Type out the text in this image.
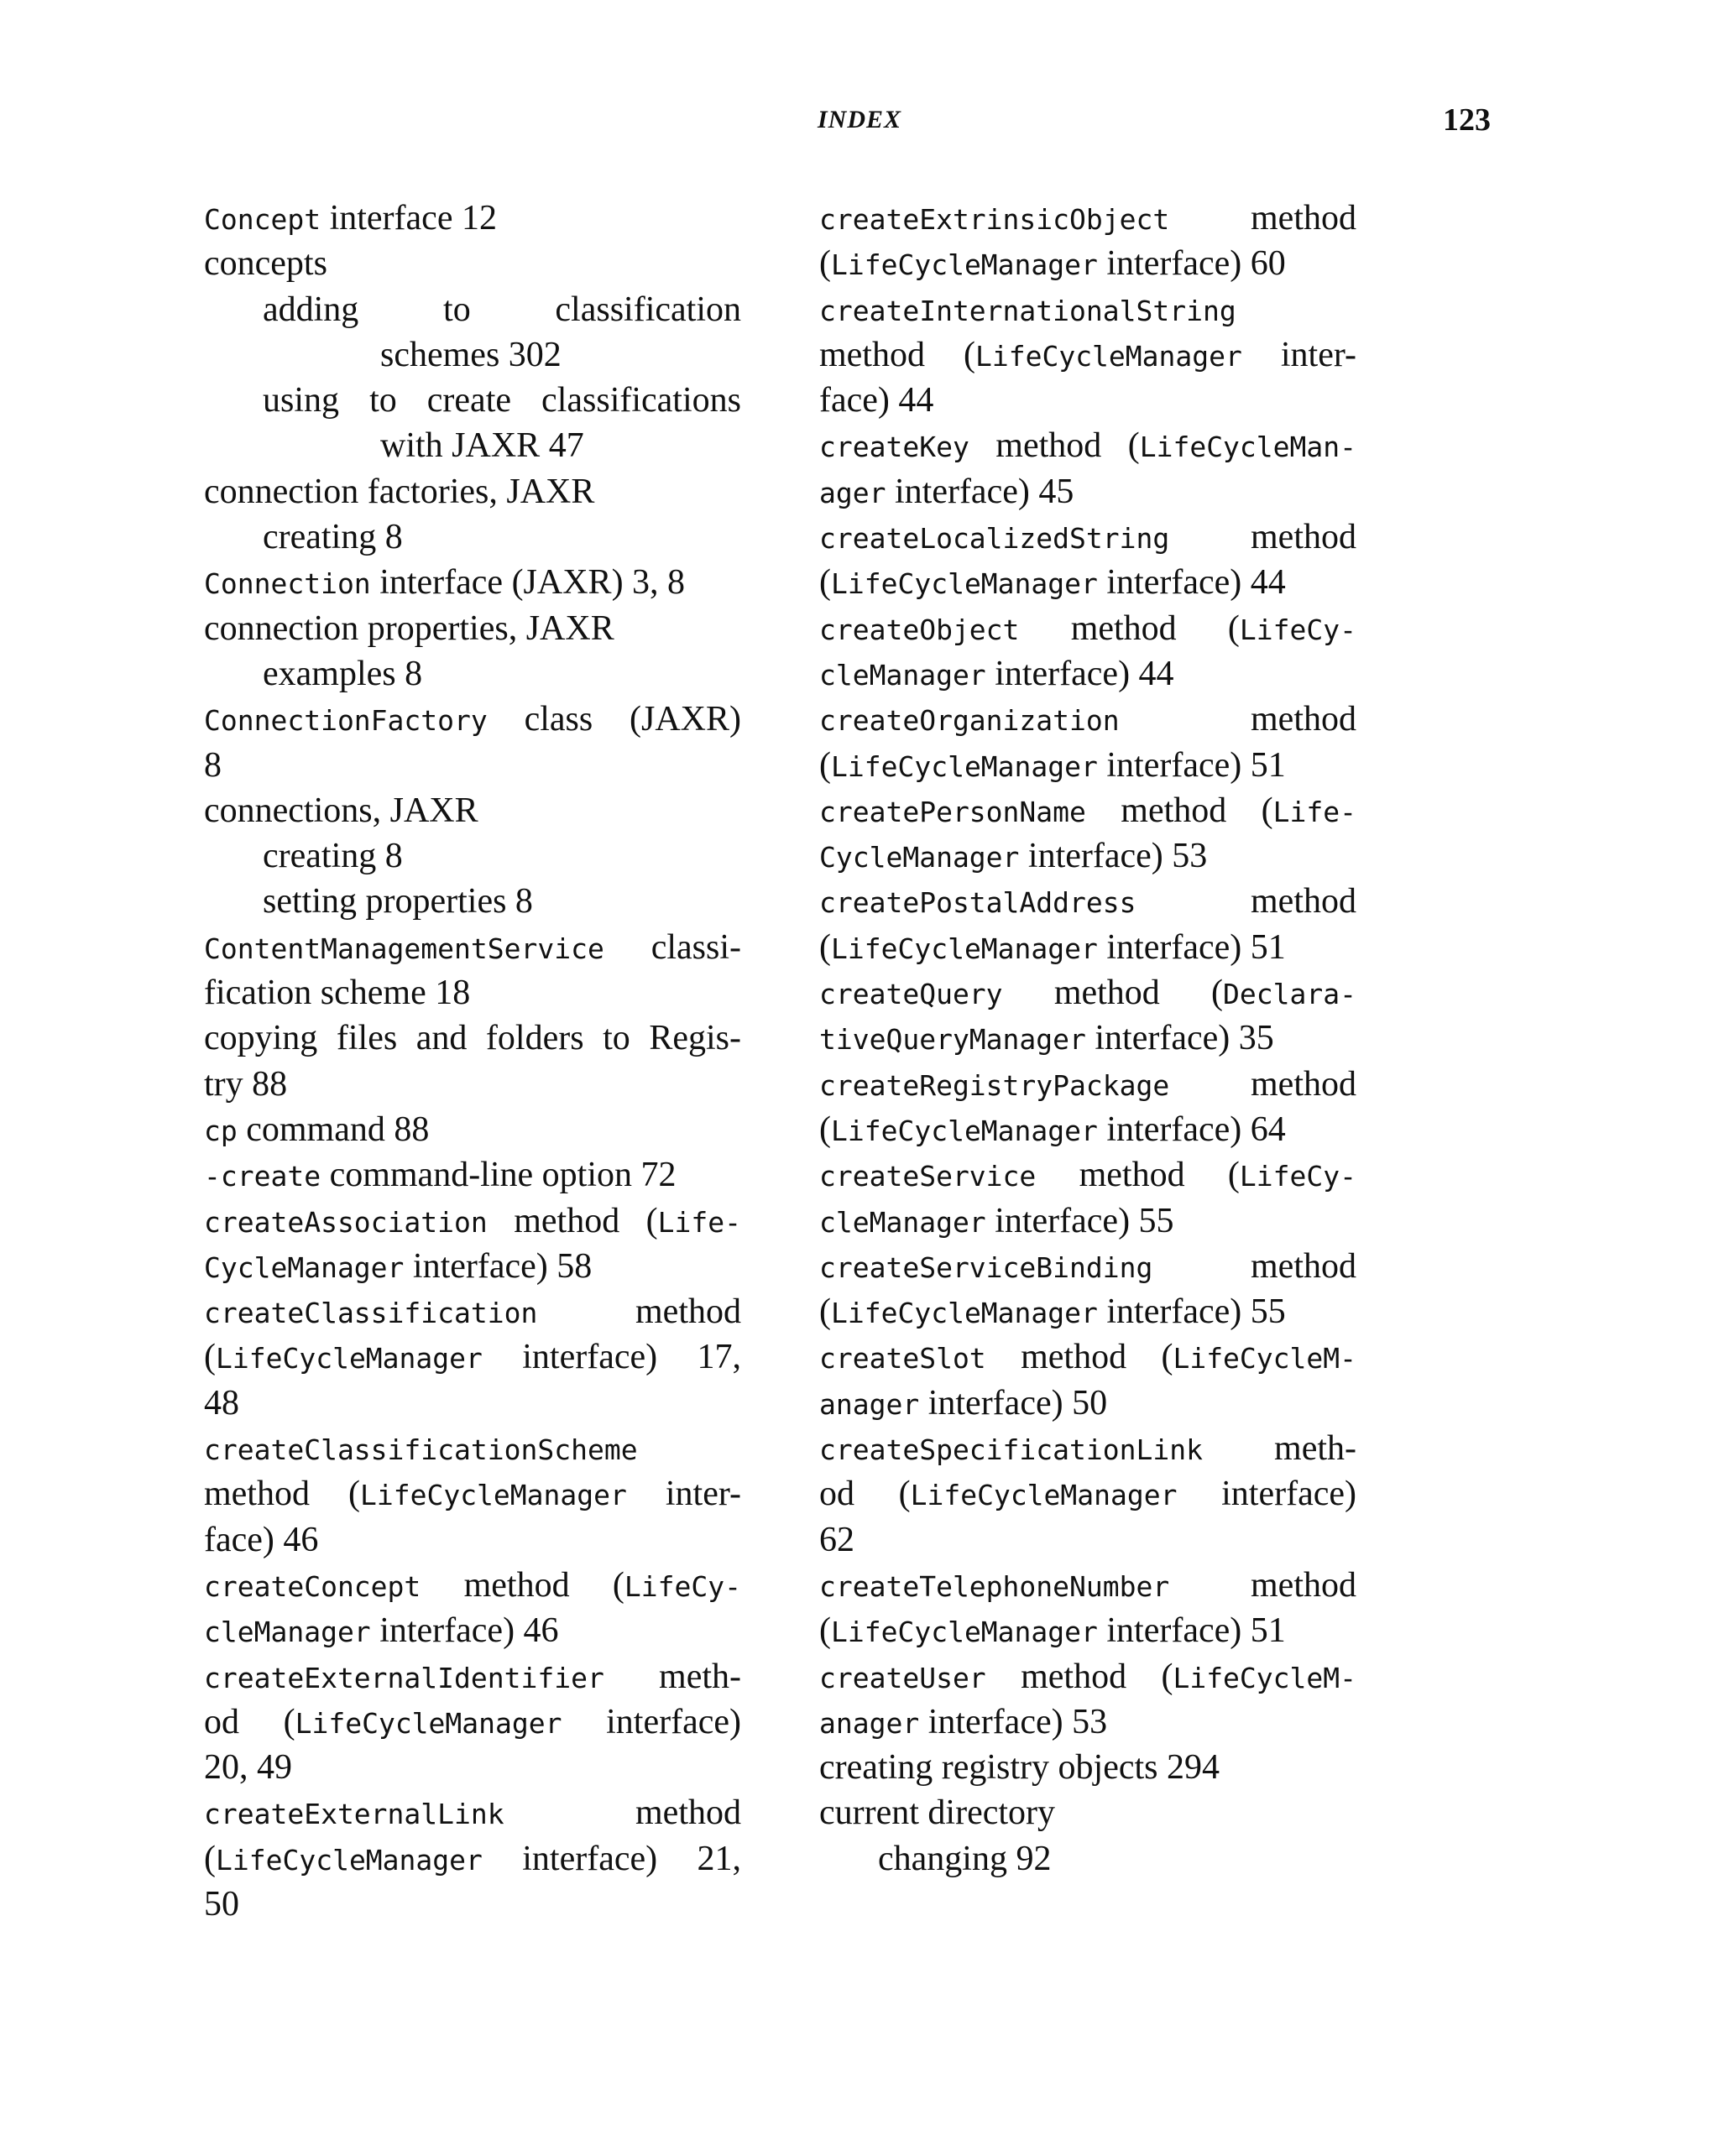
INDEX	123
Concept interface 12
concepts
adding to classification
schemes 302
using to create classifications
with JAXR 47
connection factories, JAXR
creating 8
Connection interface (JAXR) 3, 8
connection properties, JAXR
examples 8
ConnectionFactory class (JAXR)
8
connections, JAXR
creating 8
setting properties 8
ContentManagementService classi-
fication scheme 18
copying files and folders to Regis-
try 88
cp command 88
-create command-line option 72
createAssociation method (Life-
CycleManager interface) 58
createClassification method
(LifeCycleManager interface) 17,
48
createClassificationScheme
method (LifeCycleManager inter-
face) 46
createConcept method (LifeCy-
cleManager interface) 46
createExternalIdentifier meth-
od (LifeCycleManager interface)
20, 49
createExternalLink method
(LifeCycleManager interface) 21,
50
createExtrinsicObject method
(LifeCycleManager interface) 60
createInternationalString
method (LifeCycleManager inter-
face) 44
createKey method (LifeCycleMan-
ager interface) 45
createLocalizedString method
(LifeCycleManager interface) 44
createObject method (LifeCy-
cleManager interface) 44
createOrganization method
(LifeCycleManager interface) 51
createPersonName method (Life-
CycleManager interface) 53
createPostalAddress method
(LifeCycleManager interface) 51
createQuery method (Declara-
tiveQueryManager interface) 35
createRegistryPackage method
(LifeCycleManager interface) 64
createService method (LifeCy-
cleManager interface) 55
createServiceBinding method
(LifeCycleManager interface) 55
createSlot method (LifeCycleM-
anager interface) 50
createSpecificationLink meth-
od (LifeCycleManager interface)
62
createTelephoneNumber method
(LifeCycleManager interface) 51
createUser method (LifeCycleM-
anager interface) 53
creating registry objects 294
current directory
changing 92
